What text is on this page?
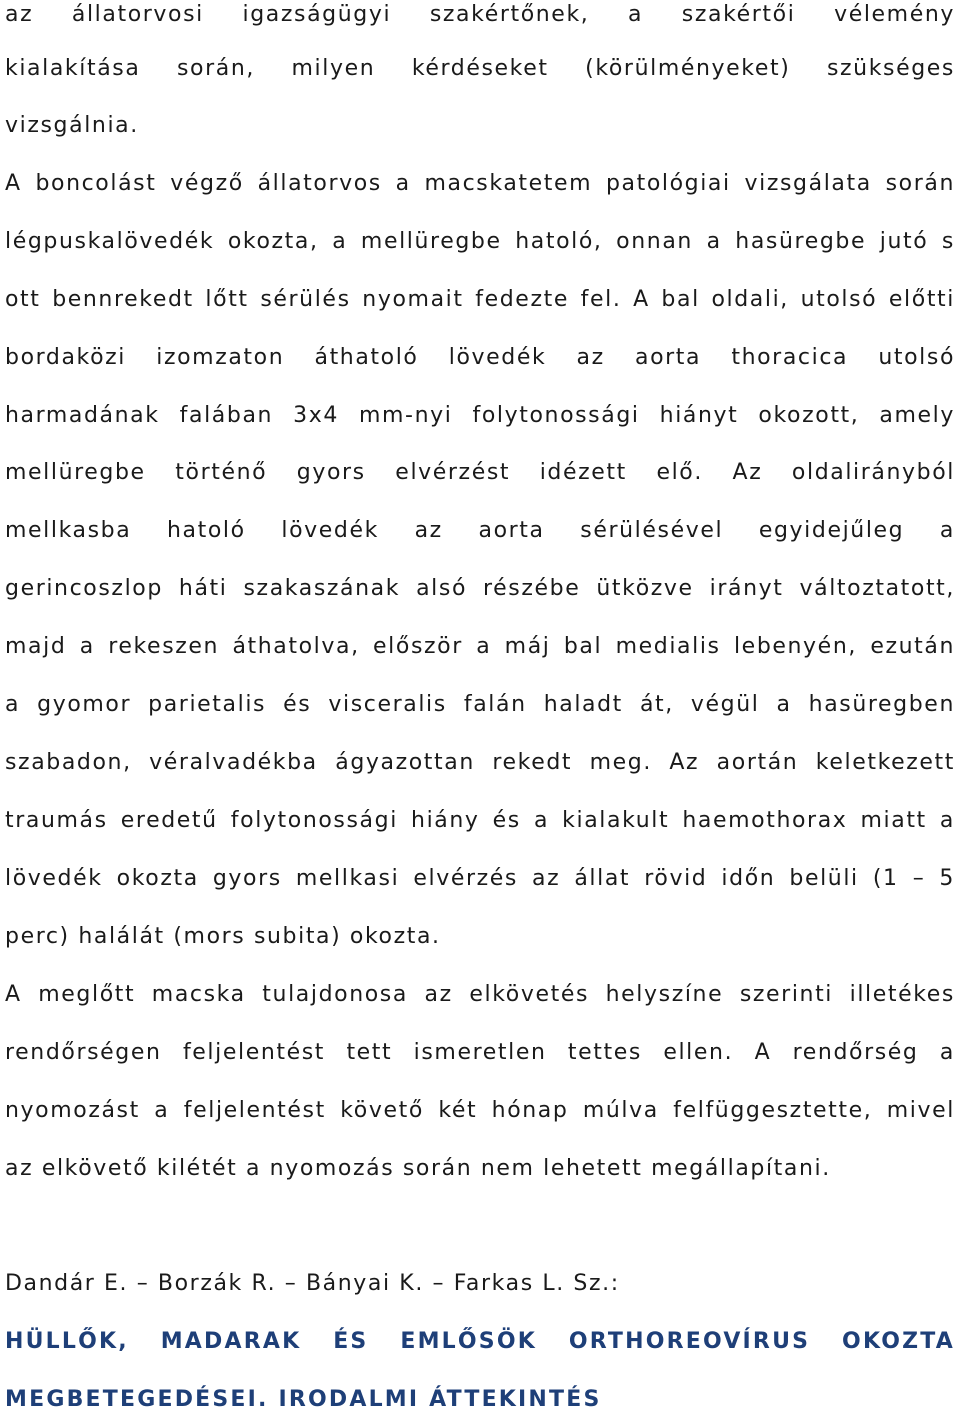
az állatorvosi igazságügyi szakértőnek, a szakértői vélemény
kialakítása során, milyen kérdéseket (körülményeket) szükséges
vizsgálnia.
A boncolást végző állatorvos a macskatetem patológiai vizsgálata során
légpuskalövedék okozta, a mellüregbe hatoló, onnan a hasüregbe jutó s
ott bennrekedt lőtt sérülés nyomait fedezte fel. A bal oldali, utolsó előtti
bordaközi izomzaton áthatoló lövedék az aorta thoracica utolsó
harmadának falában 3x4 mm-nyi folytonossági hiányt okozott, amely
mellüregbe történő gyors elvérzést idézett elő. Az oldalirányból
mellkasba hatoló lövedék az aorta sérülésével egyidejűleg a
gerincoszlop háti szakaszának alsó részébe ütközve irányt változtatott,
majd a rekeszen áthatolva, először a máj bal medialis lebenyén, ezután
a gyomor parietalis és visceralis falán haladt át, végül a hasüregben
szabadon, véralvadékba ágyazottan rekedt meg. Az aortán keletkezett
traumás eredetű folytonossági hiány és a kialakult haemothorax miatt a
lövedék okozta gyors mellkasi elvérzés az állat rövid időn belüli (1 – 5
perc) halálát (mors subita) okozta.
A meglőtt macska tulajdonosa az elkövetés helyszíne szerinti illetékes
rendőrségen feljelentést tett ismeretlen tettes ellen. A rendőrség a
nyomozást a feljelentést követő két hónap múlva felfüggesztette, mivel
az elkövető kilétét a nyomozás során nem lehetett megállapítani.
Dandár E. – Borzák R. – Bányai K. – Farkas L. Sz.:
HÜLLŐK, MADARAK ÉS EMLŐSÖK ORTHOREOVÍRUS OKOZTA
MEGBETEGEDÉSEI. IRODALMI ÁTTEKINTÉS
